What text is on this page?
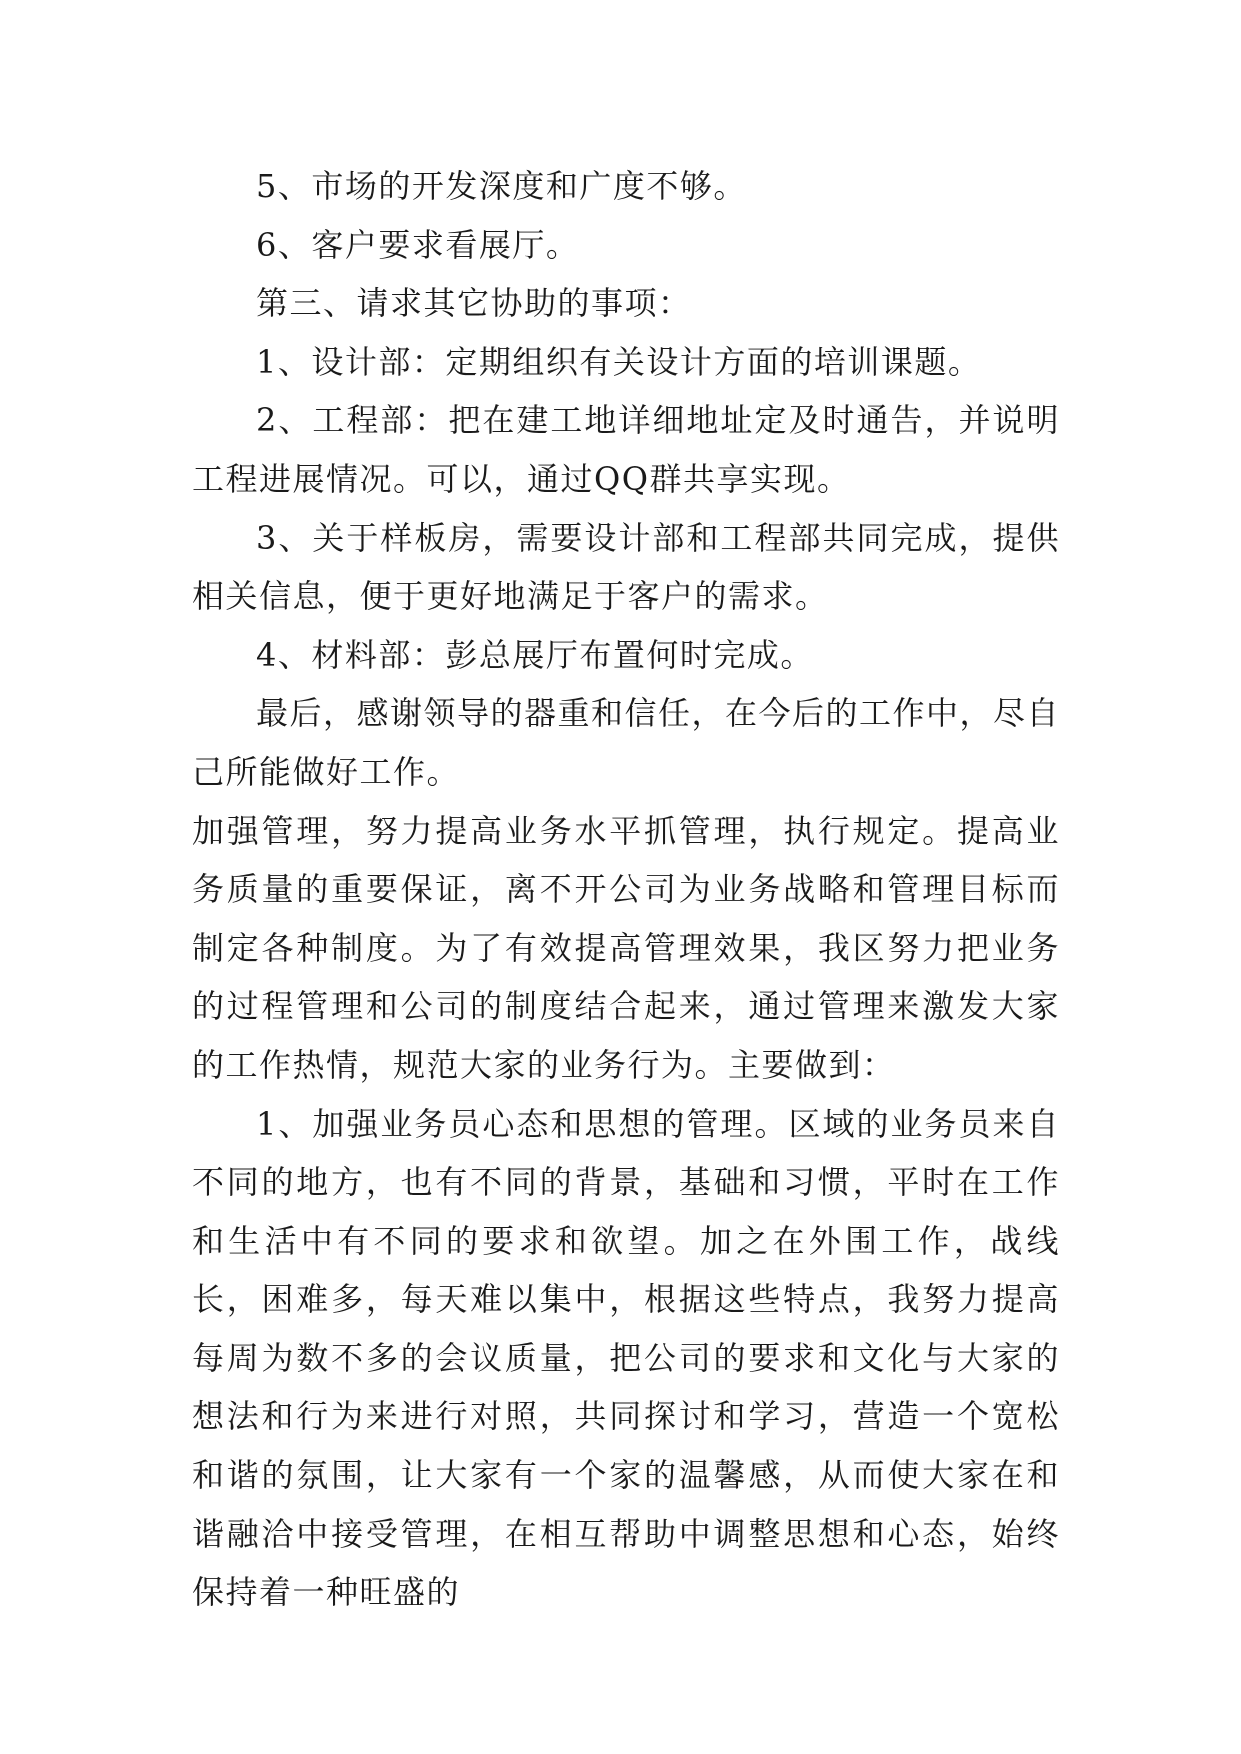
5、市场的开发深度和广度不够。

6、客户要求看展厅。

第三、请求其它协助的事项：

1、设计部：定期组织有关设计方面的培训课题。

2、工程部：把在建工地详细地址定及时通告，并说明工程进展情况。可以，通过QQ群共享实现。

3、关于样板房，需要设计部和工程部共同完成，提供相关信息，便于更好地满足于客户的需求。

4、材料部：彭总展厅布置何时完成。

最后，感谢领导的器重和信任，在今后的工作中，尽自己所能做好工作。

加强管理，努力提高业务水平抓管理，执行规定。提高业务质量的重要保证，离不开公司为业务战略和管理目标而制定各种制度。为了有效提高管理效果，我区努力把业务的过程管理和公司的制度结合起来，通过管理来激发大家的工作热情，规范大家的业务行为。主要做到：

1、加强业务员心态和思想的管理。区域的业务员来自不同的地方，也有不同的背景，基础和习惯，平时在工作和生活中有不同的要求和欲望。加之在外围工作，战线长，困难多，每天难以集中，根据这些特点，我努力提高每周为数不多的会议质量，把公司的要求和文化与大家的想法和行为来进行对照，共同探讨和学习，营造一个宽松和谐的氛围，让大家有一个家的温馨感，从而使大家在和谐融洽中接受管理，在相互帮助中调整思想和心态，始终保持着一种旺盛的
